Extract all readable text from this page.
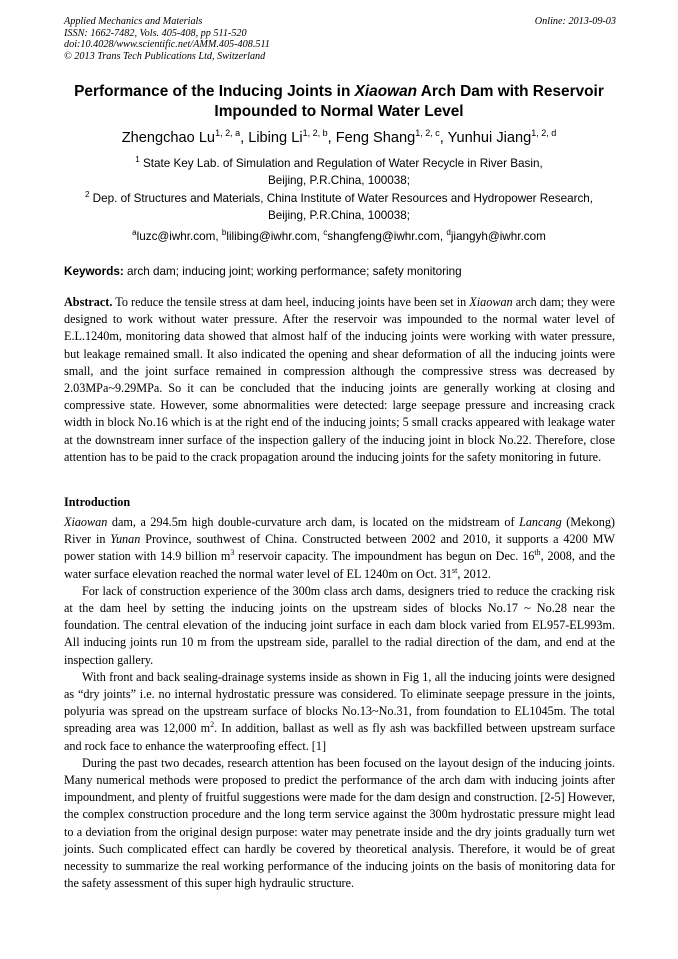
Applied Mechanics and Materials
ISSN: 1662-7482, Vols. 405-408, pp 511-520
doi:10.4028/www.scientific.net/AMM.405-408.511
© 2013 Trans Tech Publications Ltd, Switzerland
Online: 2013-09-03
Performance of the Inducing Joints in Xiaowan Arch Dam with Reservoir Impounded to Normal Water Level
Zhengchao Lu$^{1, 2, a}$, Libing Li$^{1, 2, b}$, Feng Shang$^{1, 2, c}$, Yunhui Jiang$^{1, 2, d}$
$^1$ State Key Lab. of Simulation and Regulation of Water Recycle in River Basin,
Beijing, P.R.China, 100038;
$^2$ Dep. of Structures and Materials, China Institute of Water Resources and Hydropower Research,
Beijing, P.R.China, 100038;
$^a$luzc@iwhr.com, $^b$lilibing@iwhr.com, $^c$shangfeng@iwhr.com, $^d$jiangyh@iwhr.com
Keywords: arch dam; inducing joint; working performance; safety monitoring
Abstract. To reduce the tensile stress at dam heel, inducing joints have been set in Xiaowan arch dam; they were designed to work without water pressure. After the reservoir was impounded to the normal water level of E.L.1240m, monitoring data showed that almost half of the inducing joints were working with water pressure, but leakage remained small. It also indicated the opening and shear deformation of all the inducing joints were small, and the joint surface remained in compression although the compressive stress was decreased by 2.03MPa~9.29MPa. So it can be concluded that the inducing joints are generally working at closing and compressive state. However, some abnormalities were detected: large seepage pressure and increasing crack width in block No.16 which is at the right end of the inducing joints; 5 small cracks appeared with leakage water at the downstream inner surface of the inspection gallery of the inducing joint in block No.22. Therefore, close attention has to be paid to the crack propagation around the inducing joints for the safety monitoring in future.
Introduction

Xiaowan dam, a 294.5m high double-curvature arch dam, is located on the midstream of Lancang (Mekong) River in Yunan Province, southwest of China. Constructed between 2002 and 2010, it supports a 4200 MW power station with 14.9 billion $m^3$ reservoir capacity. The impoundment has begun on Dec. 16th, 2008, and the water surface elevation reached the normal water level of EL 1240m on Oct. 31st, 2012.

For lack of construction experience of the 300m class arch dams, designers tried to reduce the cracking risk at the dam heel by setting the inducing joints on the upstream sides of blocks No.17 ~ No.28 near the foundation. The central elevation of the inducing joint surface in each dam block varied from EL957-EL993m. All inducing joints run 10 m from the upstream side, parallel to the radial direction of the dam, and end at the inspection gallery.

With front and back sealing-drainage systems inside as shown in Fig 1, all the inducing joints were designed as “dry joints” i.e. no internal hydrostatic pressure was considered. To eliminate seepage pressure in the joints, polyuria was spread on the upstream surface of blocks No.13~No.31, from foundation to EL1045m. The total spreading area was 12,000 $m^2$. In addition, ballast as well as fly ash was backfilled between upstream surface and rock face to enhance the waterproofing effect. [1]

During the past two decades, research attention has been focused on the layout design of the inducing joints. Many numerical methods were proposed to predict the performance of the arch dam with inducing joints after impoundment, and plenty of fruitful suggestions were made for the dam design and construction. [2-5] However, the complex construction procedure and the long term service against the 300m hydrostatic pressure might lead to a deviation from the original design purpose: water may penetrate inside and the dry joints gradually turn wet joints. Such complicated effect can hardly be covered by theoretical analysis. Therefore, it would be of great necessity to summarize the real working performance of the inducing joints on the basis of monitoring data for the safety assessment of this super high hydraulic structure.
